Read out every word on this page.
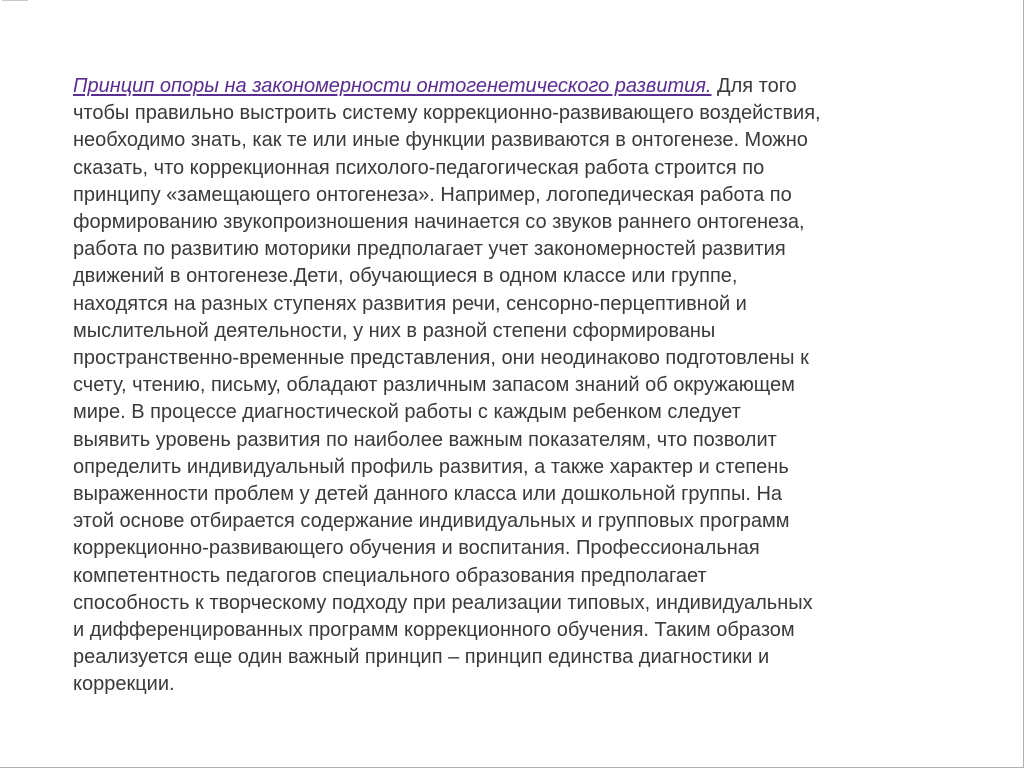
Принцип опоры на закономерности онтогенетического развития. Для того
чтобы правильно выстроить систему коррекционно-развивающего воздействия,
необходимо знать, как те или иные функции развиваются в онтогенезе. Можно
сказать, что коррекционная психолого-педагогическая работа строится по
принципу «замещающего онтогенеза». Например, логопедическая работа по
формированию звукопроизношения начинается со звуков раннего онтогенеза,
работа по развитию моторики предполагает учет закономерностей развития
движений в онтогенезе.Дети, обучающиеся в одном классе или группе,
находятся на разных ступенях развития речи, сенсорно-перцептивной и
мыслительной деятельности, у них в разной степени сформированы
пространственно-временные представления, они неодинаково подготовлены к
счету, чтению, письму, обладают различным запасом знаний об окружающем
мире. В процессе диагностической работы с каждым ребенком следует
выявить уровень развития по наиболее важным показателям, что позволит
определить индивидуальный профиль развития, а также характер и степень
выраженности проблем у детей данного класса или дошкольной группы. На
этой основе отбирается содержание индивидуальных и групповых программ
коррекционно-развивающего обучения и воспитания. Профессиональная
компетентность педагогов специального образования предполагает
способность к творческому подходу при реализации типовых, индивидуальных
и дифференцированных программ коррекционного обучения. Таким образом
реализуется еще один важный принцип – принцип единства диагностики и
коррекции.
